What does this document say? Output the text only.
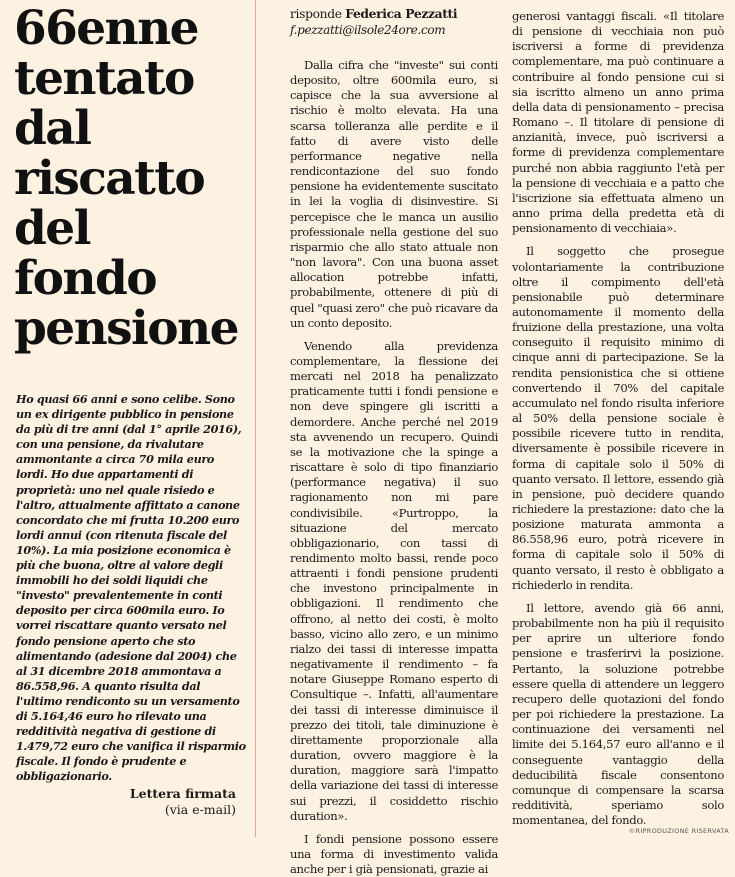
66enne tentato dal riscatto del fondo pensione

Ho quasi 66 anni e sono celibe. Sono un ex dirigente pubblico in pensione da più di tre anni (dal 1° aprile 2016), con una pensione, da rivalutare ammontante a circa 70 mila euro lordi. Ho due appartamenti di proprietà: uno nel quale risiedo e l'altro, attualmente affittato a canone concordato che mi frutta 10.200 euro lordi annui (con ritenuta fiscale del 10%). La mia posizione economica è più che buona, oltre al valore degli immobili ho dei soldi liquidi che "investo" prevalentemente in conti deposito per circa 600mila euro. Io vorrei riscattare quanto versato nel fondo pensione aperto che sto alimentando (adesione dal 2004) che al 31 dicembre 2018 ammontava a 86.558,96. A quanto risulta dal l'ultimo rendiconto su un versamento di 5.164,46 euro ho rilevato una redditività negativa di gestione di 1.479,72 euro che vanifica il risparmio fiscale. Il fondo è prudente e obbligazionario.

Lettera firmata
(via e-mail)
risponde Federica Pezzatti
f.pezzatti@ilsole24ore.com

Dalla cifra che "investe" sui conti deposito, oltre 600mila euro, si capisce che la sua avversione al rischio è molto elevata. Ha una scarsa tolleranza alle perdite e il fatto di avere visto delle performance negative nella rendicontazione del suo fondo pensione ha evidentemente suscitato in lei la voglia di disinvestire. Si percepisce che le manca un ausilio professionale nella gestione del suo risparmio che allo stato attuale non "non lavora". Con una buona asset allocation potrebbe infatti, probabilmente, ottenere di più di quel "quasi zero" che può ricavare da un conto deposito.

Venendo alla previdenza complementare, la flessione dei mercati nel 2018 ha penalizzato praticamente tutti i fondi pensione e non deve spingere gli iscritti a demordere. Anche perché nel 2019 sta avvenendo un recupero. Quindi se la motivazione che la spinge a riscattare è solo di tipo finanziario (performance negativa) il suo ragionamento non mi pare condivisibile. «Purtroppo, la situazione del mercato obbligazionario, con tassi di rendimento molto bassi, rende poco attraenti i fondi pensione prudenti che investono principalmente in obbligazioni. Il rendimento che offrono, al netto dei costi, è molto basso, vicino allo zero, e un minimo rialzo dei tassi di interesse impatta negativamente il rendimento – fa notare Giuseppe Romano esperto di Consultique –. Infatti, all'aumentare dei tassi di interesse diminuisce il prezzo dei titoli, tale diminuzione è direttamente proporzionale alla duration, ovvero maggiore è la duration, maggiore sarà l'impatto della variazione dei tassi di interesse sui prezzi, il cosiddetto rischio duration».

I fondi pensione possono essere una forma di investimento valida anche per i già pensionati, grazie ai

generosi vantaggi fiscali. «Il titolare di pensione di vecchiaia non può iscriversi a forme di previdenza complementare, ma può continuare a contribuire al fondo pensione cui si sia iscritto almeno un anno prima della data di pensionamento – precisa Romano –. Il titolare di pensione di anzianità, invece, può iscriversi a forme di previdenza complementare purché non abbia raggiunto l'età per la pensione di vecchiaia e a patto che l'iscrizione sia effettuata almeno un anno prima della predetta età di pensionamento di vecchiaia».

Il soggetto che prosegue volontariamente la contribuzione oltre il compimento dell'età pensionabile può determinare autonomamente il momento della fruizione della prestazione, una volta conseguito il requisito minimo di cinque anni di partecipazione. Se la rendita pensionistica che si ottiene convertendo il 70% del capitale accumulato nel fondo risulta inferiore al 50% della pensione sociale è possibile ricevere tutto in rendita, diversamente è possibile ricevere in forma di capitale solo il 50% di quanto versato. Il lettore, essendo già in pensione, può decidere quando richiedere la prestazione: dato che la posizione maturata ammonta a 86.558,96 euro, potrà ricevere in forma di capitale solo il 50% di quanto versato, il resto è obbligato a richiederlo in rendita.

Il lettore, avendo già 66 anni, probabilmente non ha più il requisito per aprire un ulteriore fondo pensione e trasferirvi la posizione. Pertanto, la soluzione potrebbe essere quella di attendere un leggero recupero delle quotazioni del fondo per poi richiedere la prestazione. La continuazione dei versamenti nel limite dei 5.164,57 euro all'anno e il conseguente vantaggio della deducibilità fiscale consentono comunque di compensare la scarsa redditività, speriamo solo momentanea, del fondo.

©RIPRODUZIONE RISERVATA
